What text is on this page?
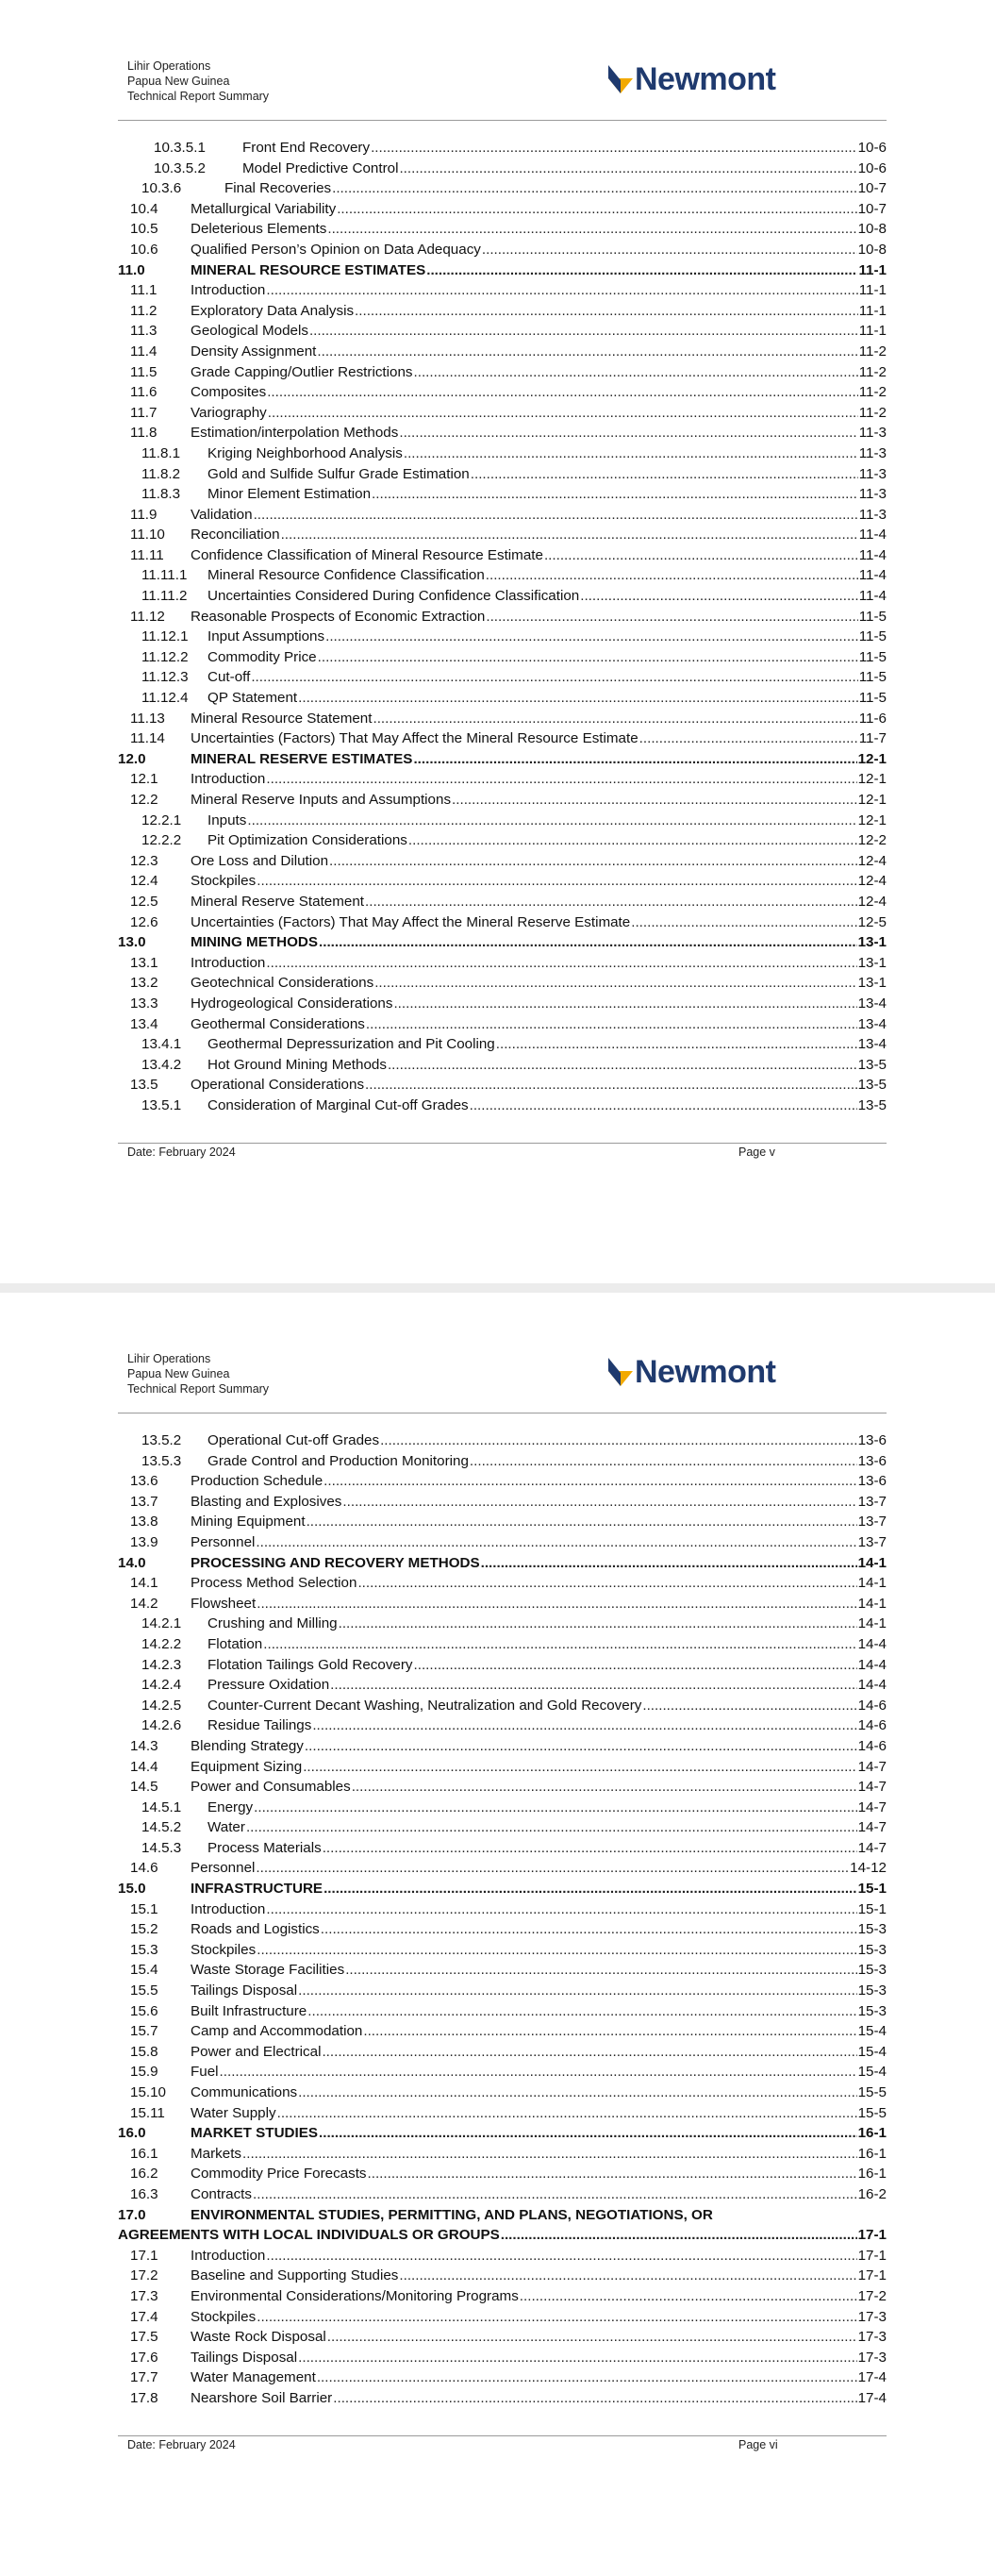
Lihir Operations
Papua New Guinea
Technical Report Summary	Newmont
10.3.5.1	Front End Recovery .....	10-6
10.3.5.2	Model Predictive Control .....	10-6
10.3.6	Final Recoveries .....	10-7
10.4	Metallurgical Variability .....	10-7
10.5	Deleterious Elements .....	10-8
10.6	Qualified Person’s Opinion on Data Adequacy .....	10-8
11.0	MINERAL RESOURCE ESTIMATES .....	11-1
11.1	Introduction .....	11-1
11.2	Exploratory Data Analysis .....	11-1
11.3	Geological Models .....	11-1
11.4	Density Assignment .....	11-2
11.5	Grade Capping/Outlier Restrictions .....	11-2
11.6	Composites .....	11-2
11.7	Variography .....	11-2
11.8	Estimation/interpolation Methods .....	11-3
11.8.1	Kriging Neighborhood Analysis .....	11-3
11.8.2	Gold and Sulfide Sulfur Grade Estimation .....	11-3
11.8.3	Minor Element Estimation .....	11-3
11.9	Validation .....	11-3
11.10	Reconciliation .....	11-4
11.11	Confidence Classification of Mineral Resource Estimate .....	11-4
11.11.1	Mineral Resource Confidence Classification .....	11-4
11.11.2	Uncertainties Considered During Confidence Classification .....	11-4
11.12	Reasonable Prospects of Economic Extraction .....	11-5
11.12.1	Input Assumptions .....	11-5
11.12.2	Commodity Price .....	11-5
11.12.3	Cut-off .....	11-5
11.12.4	QP Statement .....	11-5
11.13	Mineral Resource Statement .....	11-6
11.14	Uncertainties (Factors) That May Affect the Mineral Resource Estimate .....	11-7
12.0	MINERAL RESERVE ESTIMATES .....	12-1
12.1	Introduction .....	12-1
12.2	Mineral Reserve Inputs and Assumptions .....	12-1
12.2.1	Inputs .....	12-1
12.2.2	Pit Optimization Considerations .....	12-2
12.3	Ore Loss and Dilution .....	12-4
12.4	Stockpiles .....	12-4
12.5	Mineral Reserve Statement .....	12-4
12.6	Uncertainties (Factors) That May Affect the Mineral Reserve Estimate .....	12-5
13.0	MINING METHODS .....	13-1
13.1	Introduction .....	13-1
13.2	Geotechnical Considerations .....	13-1
13.3	Hydrogeological Considerations .....	13-4
13.4	Geothermal Considerations .....	13-4
13.4.1	Geothermal Depressurization and Pit Cooling .....	13-4
13.4.2	Hot Ground Mining Methods .....	13-5
13.5	Operational Considerations .....	13-5
13.5.1	Consideration of Marginal Cut-off Grades .....	13-5
Date: February 2024	Page v
Lihir Operations
Papua New Guinea
Technical Report Summary	Newmont
13.5.2	Operational Cut-off Grades .....	13-6
13.5.3	Grade Control and Production Monitoring .....	13-6
13.6	Production Schedule .....	13-6
13.7	Blasting and Explosives .....	13-7
13.8	Mining Equipment .....	13-7
13.9	Personnel .....	13-7
14.0	PROCESSING AND RECOVERY METHODS .....	14-1
14.1	Process Method Selection .....	14-1
14.2	Flowsheet .....	14-1
14.2.1	Crushing and Milling .....	14-1
14.2.2	Flotation .....	14-4
14.2.3	Flotation Tailings Gold Recovery .....	14-4
14.2.4	Pressure Oxidation .....	14-4
14.2.5	Counter-Current Decant Washing, Neutralization and Gold Recovery .....	14-6
14.2.6	Residue Tailings .....	14-6
14.3	Blending Strategy .....	14-6
14.4	Equipment Sizing .....	14-7
14.5	Power and Consumables .....	14-7
14.5.1	Energy .....	14-7
14.5.2	Water .....	14-7
14.5.3	Process Materials .....	14-7
14.6	Personnel .....	14-12
15.0	INFRASTRUCTURE .....	15-1
15.1	Introduction .....	15-1
15.2	Roads and Logistics .....	15-3
15.3	Stockpiles .....	15-3
15.4	Waste Storage Facilities .....	15-3
15.5	Tailings Disposal .....	15-3
15.6	Built Infrastructure .....	15-3
15.7	Camp and Accommodation .....	15-4
15.8	Power and Electrical .....	15-4
15.9	Fuel .....	15-4
15.10	Communications .....	15-5
15.11	Water Supply .....	15-5
16.0	MARKET STUDIES .....	16-1
16.1	Markets .....	16-1
16.2	Commodity Price Forecasts .....	16-1
16.3	Contracts .....	16-2
17.0	ENVIRONMENTAL STUDIES, PERMITTING, AND PLANS, NEGOTIATIONS, OR
AGREEMENTS WITH LOCAL INDIVIDUALS OR GROUPS .....	17-1
17.1	Introduction .....	17-1
17.2	Baseline and Supporting Studies .....	17-1
17.3	Environmental Considerations/Monitoring Programs .....	17-2
17.4	Stockpiles .....	17-3
17.5	Waste Rock Disposal .....	17-3
17.6	Tailings Disposal .....	17-3
17.7	Water Management .....	17-4
17.8	Nearshore Soil Barrier .....	17-4
Date: February 2024	Page vi
